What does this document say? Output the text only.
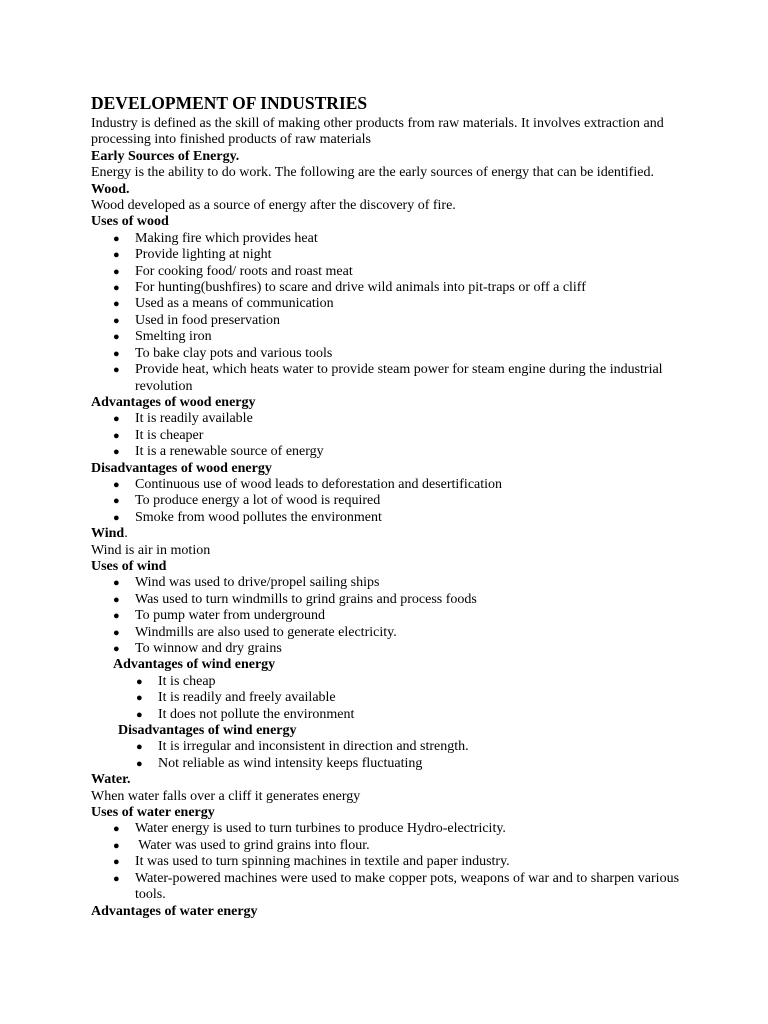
DEVELOPMENT OF INDUSTRIES

Industry is defined as the skill of making other products from raw materials. It involves extraction and processing into finished products of raw materials

Early Sources of Energy.

Energy is the ability to do work. The following are the early sources of energy that can be identified.

Wood.

Wood developed as a source of energy after the discovery of fire.

Uses of wood

● Making fire which provides heat
● Provide lighting at night
● For cooking food/ roots and roast meat
● For hunting(bushfires) to scare and drive wild animals into pit-traps or off a cliff
● Used as a means of communication
● Used in food preservation
● Smelting iron
● To bake clay pots and various tools
● Provide heat, which heats water to provide steam power for steam engine during the industrial revolution

Advantages of wood energy

● It is readily available
● It is cheaper
● It is a renewable source of energy

Disadvantages of wood energy

● Continuous use of wood leads to deforestation and desertification
● To produce energy a lot of wood is required
● Smoke from wood pollutes the environment

Wind.

Wind is air in motion

Uses of wind

● Wind was used to drive/propel sailing ships
● Was used to turn windmills to grind grains and process foods
● To pump water from underground
● Windmills are also used to generate electricity.
● To winnow and dry grains

Advantages of wind energy

● It is cheap
● It is readily and freely available
● It does not pollute the environment

Disadvantages of wind energy

● It is irregular and inconsistent in direction and strength.
● Not reliable as wind intensity keeps fluctuating

Water.

When water falls over a cliff it generates energy

Uses of water energy

● Water energy is used to turn turbines to produce Hydro-electricity.
● Water was used to grind grains into flour.
● It was used to turn spinning machines in textile and paper industry.
● Water-powered machines were used to make copper pots, weapons of war and to sharpen various tools.

Advantages of water energy
